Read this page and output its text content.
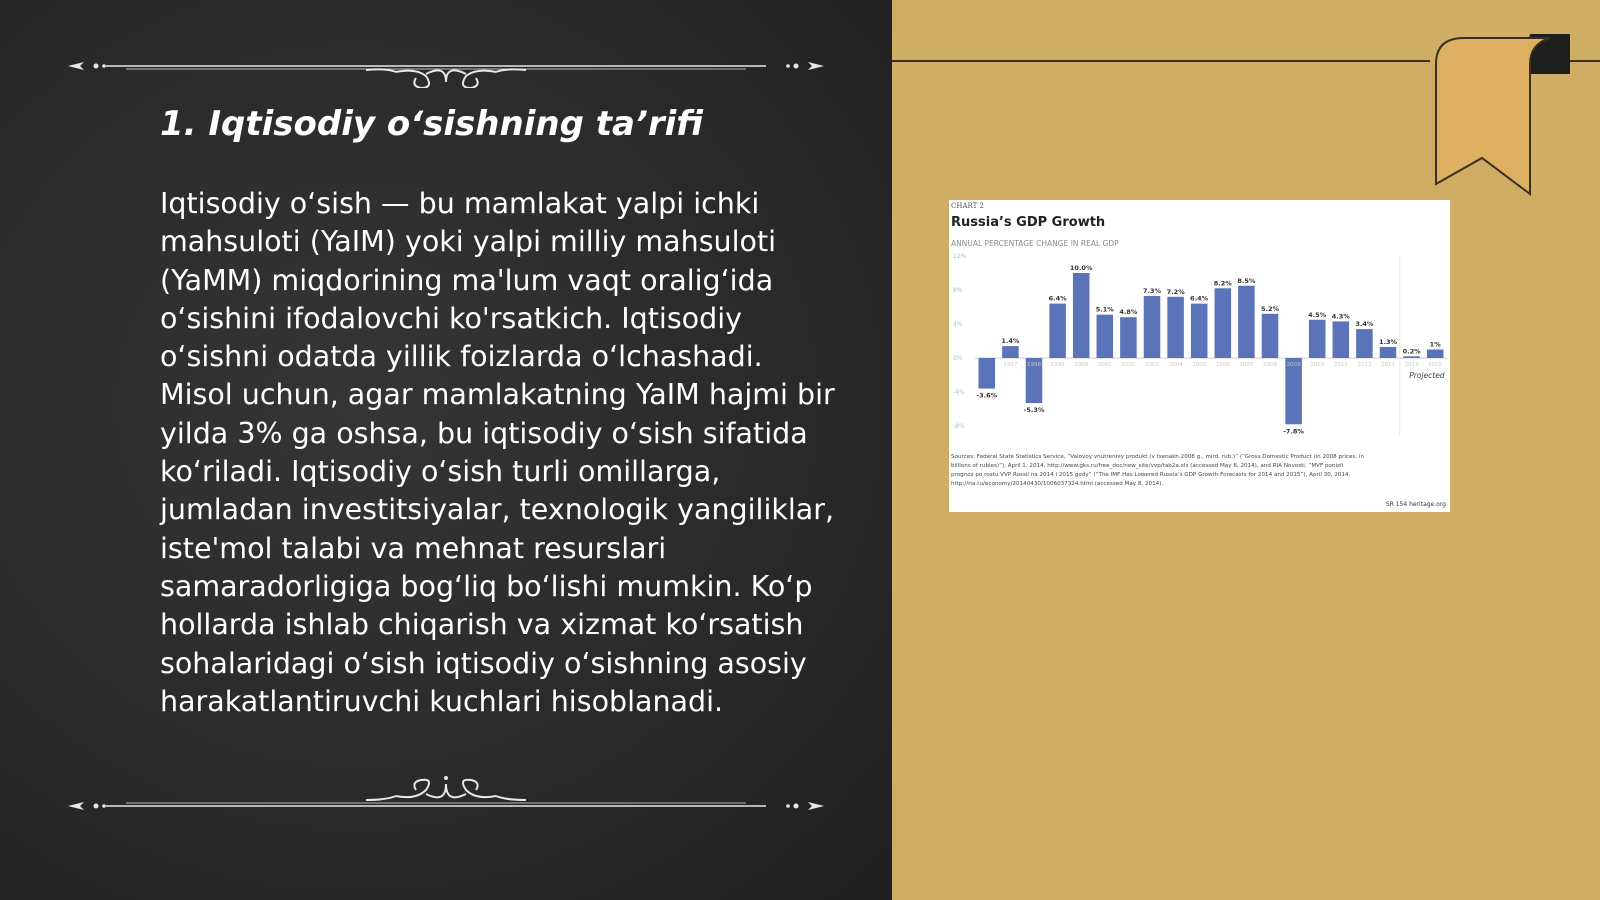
1. Iqtisodiy o‘sishning ta’rifi

Iqtisodiy o‘sish — bu mamlakat yalpi ichki mahsuloti (YaIM) yoki yalpi milliy mahsuloti (YaMM) miqdorining ma'lum vaqt oralig‘ida o‘sishini ifodalovchi ko'rsatkich. Iqtisodiy o‘sishni odatda yillik foizlarda o‘lchashadi. Misol uchun, agar mamlakatning YaIM hajmi bir yilda 3% ga oshsa, bu iqtisodiy o‘sish sifatida ko‘riladi. Iqtisodiy o‘sish turli omillarga, jumladan investitsiyalar, texnologik yangiliklar, iste'mol talabi va mehnat resurslari samaradorligiga bog‘liq bo‘lishi mumkin. Ko‘p hollarda ishlab chiqarish va xizmat ko‘rsatish sohalaridagi o‘sish iqtisodiy o‘sishning asosiy harakatlantiruvchi kuchlari hisoblanadi.

CHART 2
Russia’s GDP Growth
ANNUAL PERCENTAGE CHANGE IN REAL GDP
12%
8%
4%
0%
-4%
-8%
1997 1998 1999 2000 2001 2002 2003 2004 2005 2006 2007 2008 2009 2010 2011 2012 2013 2014 2015
-3.6%
1.4%
-5.3%
6.4%
10.0%
5.1% 4.8%
7.3% 7.2%
6.4%
8.2% 8.5%
5.2%
-7.8%
4.5% 4.3%
3.4%
1.3%
0.2%
1%
Projected
Sources: Federal State Statistics Service, “Valovoy vnutrenniy produkt (v tsenakh 2008 g., mlrd. rub.)” (“Gross Domestic Product (in 2008 prices, in
billions of rubles)”), April 1, 2014, http://www.gks.ru/free_doc/new_site/vvp/tab2a.xls (accessed May 8, 2014), and RIA Novosti, “MVF ponizil
prognoz po rostu VVP Rossii na 2014 i 2015 gody” (“The IMF Has Lowered Russia’s GDP Growth Forecasts for 2014 and 2015”), April 30, 2014,
http://ria.ru/economy/20140430/1006037324.html (accessed May 8, 2014).
SR 154 heritage.org
